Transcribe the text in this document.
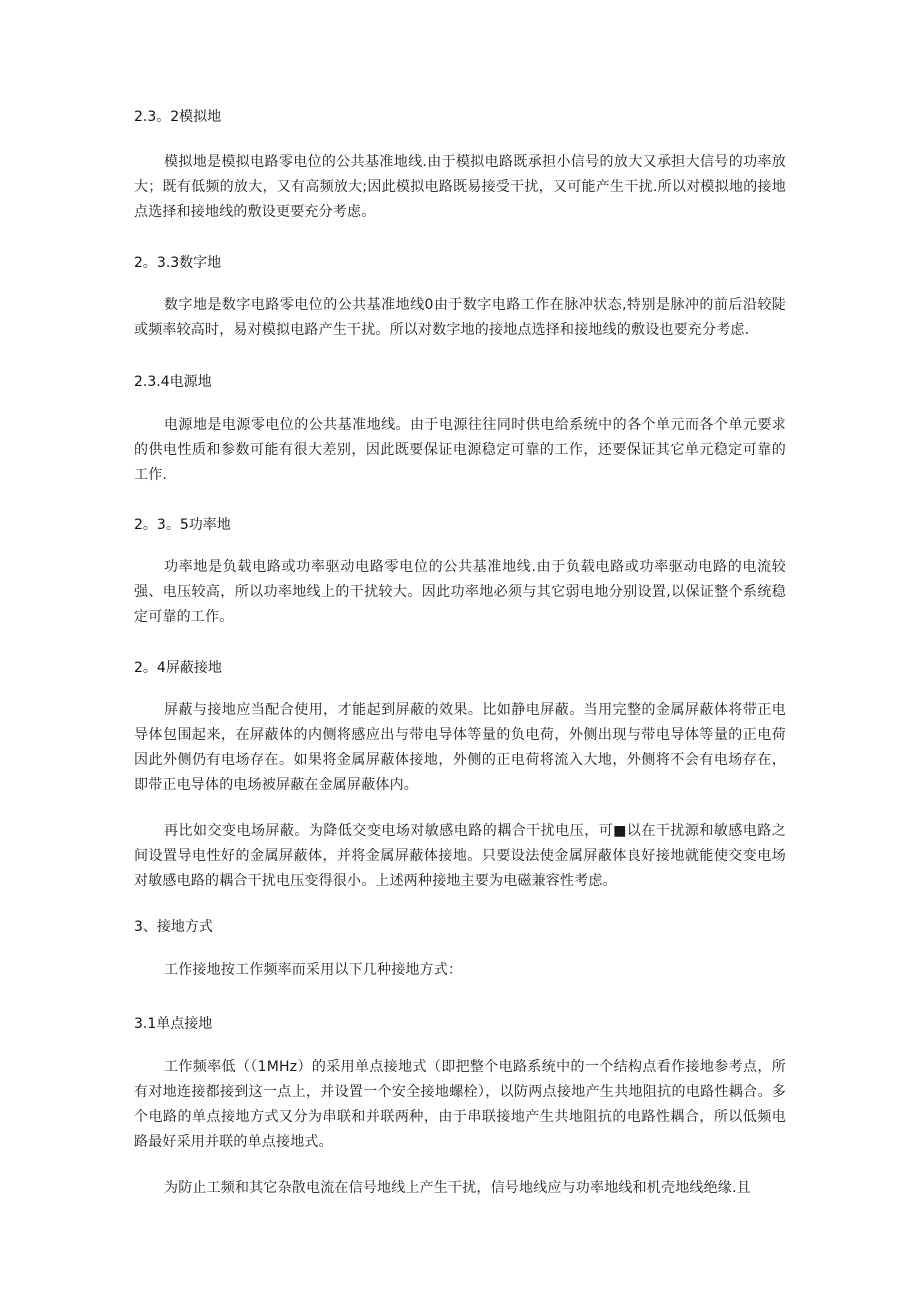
2.3。2模拟地
模拟地是模拟电路零电位的公共基准地线.由于模拟电路既承担小信号的放大又承担大信号的功率放大；既有低频的放大，又有高频放大;因此模拟电路既易接受干扰，又可能产生干扰.所以对模拟地的接地点选择和接地线的敷设更要充分考虑。
2。3.3数字地
数字地是数字电路零电位的公共基准地线0由于数字电路工作在脉冲状态,特别是脉冲的前后沿较陡或频率较高时，易对模拟电路产生干扰。所以对数字地的接地点选择和接地线的敷设也要充分考虑.
2.3.4电源地
电源地是电源零电位的公共基准地线。由于电源往往同时供电给系统中的各个单元而各个单元要求的供电性质和参数可能有很大差别，因此既要保证电源稳定可靠的工作，还要保证其它单元稳定可靠的工作.
2。3。5功率地
功率地是负载电路或功率驱动电路零电位的公共基准地线.由于负载电路或功率驱动电路的电流较强、电压较高，所以功率地线上的干扰较大。因此功率地必须与其它弱电地分别设置,以保证整个系统稳定可靠的工作。
2。4屏蔽接地
屏蔽与接地应当配合使用，才能起到屏蔽的效果。比如静电屏蔽。当用完整的金属屏蔽体将带正电导体包围起来，在屏蔽体的内侧将感应出与带电导体等量的负电荷，外侧出现与带电导体等量的正电荷因此外侧仍有电场存在。如果将金属屏蔽体接地，外侧的正电荷将流入大地，外侧将不会有电场存在，即带正电导体的电场被屏蔽在金属屏蔽体内。
再比如交变电场屏蔽。为降低交变电场对敏感电路的耦合干扰电压，可■以在干扰源和敏感电路之间设置导电性好的金属屏蔽体，并将金属屏蔽体接地。只要设法使金属屏蔽体良好接地就能使交变电场对敏感电路的耦合干扰电压变得很小。上述两种接地主要为电磁兼容性考虑。
3、接地方式
工作接地按工作频率而采用以下几种接地方式：
3.1单点接地
工作频率低（（1MHz）的采用单点接地式（即把整个电路系统中的一个结构点看作接地参考点，所有对地连接都接到这一点上，并设置一个安全接地螺栓），以防两点接地产生共地阻抗的电路性耦合。多个电路的单点接地方式又分为串联和并联两种，由于串联接地产生共地阻抗的电路性耦合，所以低频电路最好采用并联的单点接地式。
为防止工频和其它杂散电流在信号地线上产生干扰，信号地线应与功率地线和机壳地线绝缘.且
